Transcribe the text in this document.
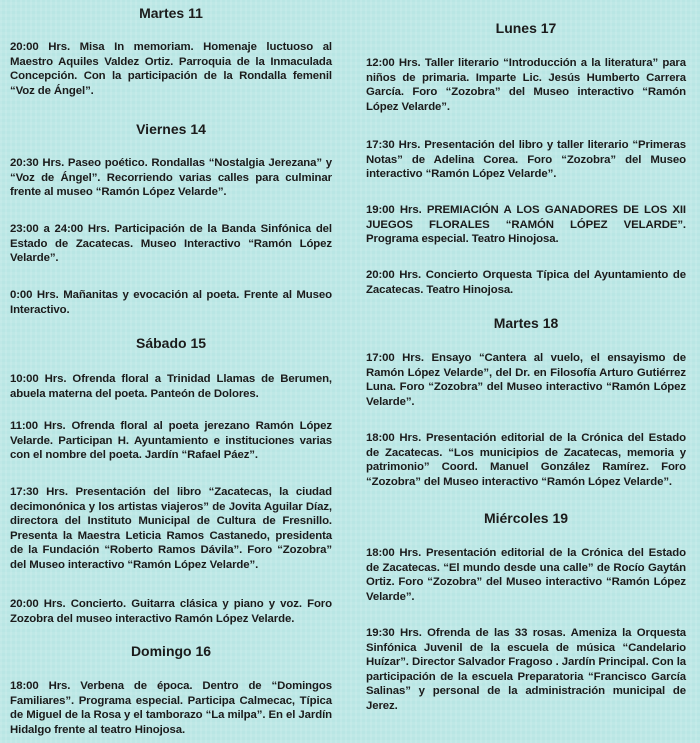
Martes 11

20:00 Hrs. Misa In memoriam. Homenaje luctuoso al Maestro Aquiles Valdez Ortiz. Parroquia de la Inmaculada Concepción. Con la participación de la Rondalla femenil “Voz de Ángel”.

Viernes 14

20:30 Hrs. Paseo poético. Rondallas “Nostalgia Jerezana” y “Voz de Ángel”. Recorriendo varias calles para culminar frente al museo “Ramón López Velarde”.

23:00 a 24:00 Hrs. Participación de la Banda Sinfónica del Estado de Zacatecas. Museo Interactivo “Ramón López Velarde”.

0:00 Hrs. Mañanitas y evocación al poeta. Frente al Museo Interactivo.

Sábado 15

10:00 Hrs. Ofrenda floral a Trinidad Llamas de Berumen, abuela materna del poeta. Panteón de Dolores.

11:00 Hrs. Ofrenda floral al poeta jerezano Ramón López Velarde. Participan H. Ayuntamiento e instituciones varias con el nombre del poeta. Jardín “Rafael Páez”.

17:30 Hrs. Presentación del libro “Zacatecas, la ciudad decimonónica y los artistas viajeros” de Jovita Aguilar Díaz, directora del Instituto Municipal de Cultura de Fresnillo. Presenta la Maestra Leticia Ramos Castanedo, presidenta de la Fundación “Roberto Ramos Dávila”. Foro “Zozobra” del Museo interactivo “Ramón López Velarde”.

20:00 Hrs. Concierto. Guitarra clásica y piano y voz. Foro Zozobra del museo interactivo Ramón López Velarde.

Domingo 16

18:00 Hrs. Verbena de época. Dentro de “Domingos Familiares”. Programa especial. Participa Calmecac, Típica de Miguel de la Rosa y el tamborazo “La milpa”. En el Jardín Hidalgo frente al teatro Hinojosa.

Lunes 17

12:00 Hrs. Taller literario “Introducción a la literatura” para niños de primaria. Imparte Lic. Jesús Humberto Carrera García. Foro “Zozobra” del Museo interactivo “Ramón López Velarde”.

17:30 Hrs. Presentación del libro y taller literario “Primeras Notas” de Adelina Corea. Foro “Zozobra” del Museo interactivo “Ramón López Velarde”.

19:00 Hrs. PREMIACIÓN A LOS GANADORES DE LOS XII JUEGOS FLORALES “RAMÓN LÓPEZ VELARDE”. Programa especial. Teatro Hinojosa.

20:00 Hrs. Concierto Orquesta Típica del Ayuntamiento de Zacatecas. Teatro Hinojosa.

Martes 18

17:00 Hrs. Ensayo “Cantera al vuelo, el ensayismo de Ramón López Velarde”, del Dr. en Filosofía Arturo Gutiérrez Luna. Foro “Zozobra” del Museo interactivo “Ramón López Velarde”.

18:00 Hrs. Presentación editorial de la Crónica del Estado de Zacatecas. “Los municipios de Zacatecas, memoria y patrimonio” Coord. Manuel González Ramírez. Foro “Zozobra” del Museo interactivo “Ramón López Velarde”.

Miércoles 19

18:00 Hrs. Presentación editorial de la Crónica del Estado de Zacatecas. “El mundo desde una calle” de Rocío Gaytán Ortiz. Foro “Zozobra” del Museo interactivo “Ramón López Velarde”.

19:30 Hrs. Ofrenda de las 33 rosas. Ameniza la Orquesta Sinfónica Juvenil de la escuela de música “Candelario Huízar”. Director Salvador Fragoso . Jardín Principal. Con la participación de la escuela Preparatoria “Francisco García Salinas” y personal de la administración municipal de Jerez.
